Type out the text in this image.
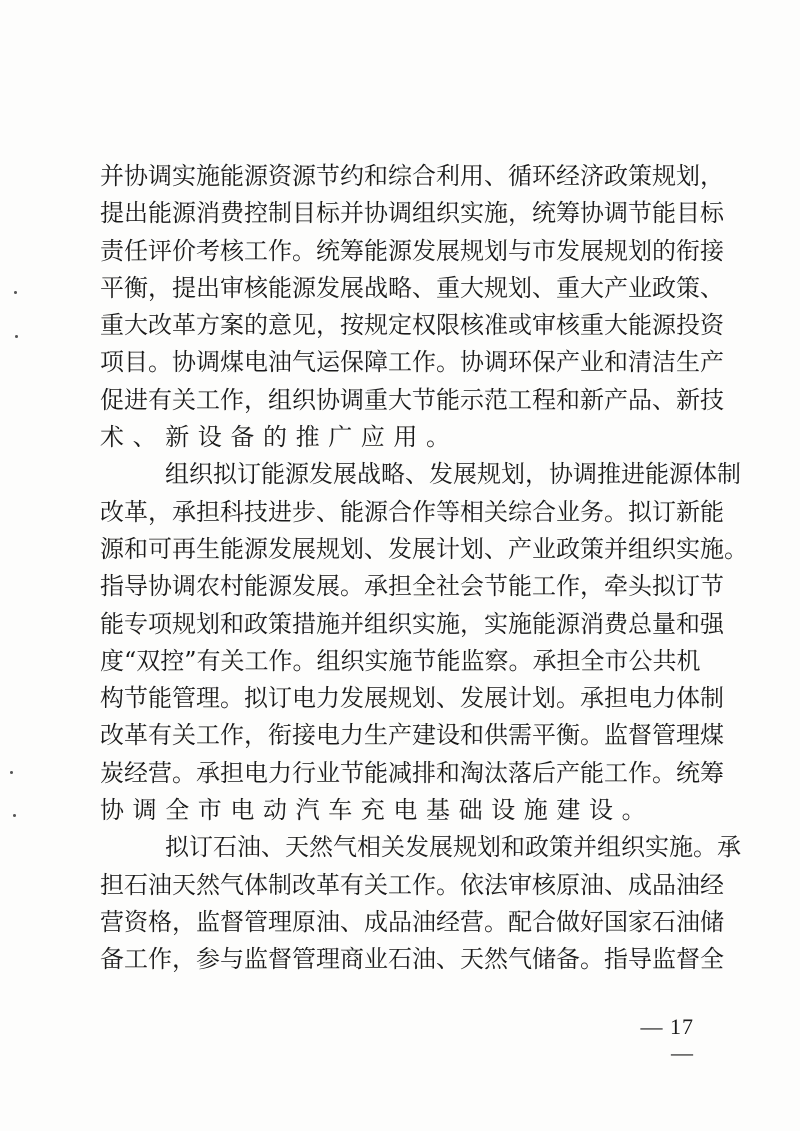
并协调实施能源资源节约和综合利用、循环经济政策规划，
提出能源消费控制目标并协调组织实施，统筹协调节能目标
责任评价考核工作。统筹能源发展规划与市发展规划的衔接
平衡，提出审核能源发展战略、重大规划、重大产业政策、
重大改革方案的意见，按规定权限核准或审核重大能源投资
项目。协调煤电油气运保障工作。协调环保产业和清洁生产
促进有关工作，组织协调重大节能示范工程和新产品、新技
术、新设备的推广应用。
组织拟订能源发展战略、发展规划，协调推进能源体制
改革，承担科技进步、能源合作等相关综合业务。拟订新能
源和可再生能源发展规划、发展计划、产业政策并组织实施。
指导协调农村能源发展。承担全社会节能工作，牵头拟订节
能专项规划和政策措施并组织实施，实施能源消费总量和强
度“双控”有关工作。组织实施节能监察。承担全市公共机
构节能管理。拟订电力发展规划、发展计划。承担电力体制
改革有关工作，衔接电力生产建设和供需平衡。监督管理煤
炭经营。承担电力行业节能减排和淘汰落后产能工作。统筹
协调全市电动汽车充电基础设施建设。
拟订石油、天然气相关发展规划和政策并组织实施。承
担石油天然气体制改革有关工作。依法审核原油、成品油经
营资格，监督管理原油、成品油经营。配合做好国家石油储
备工作，参与监督管理商业石油、天然气储备。指导监督全
— 17 —
